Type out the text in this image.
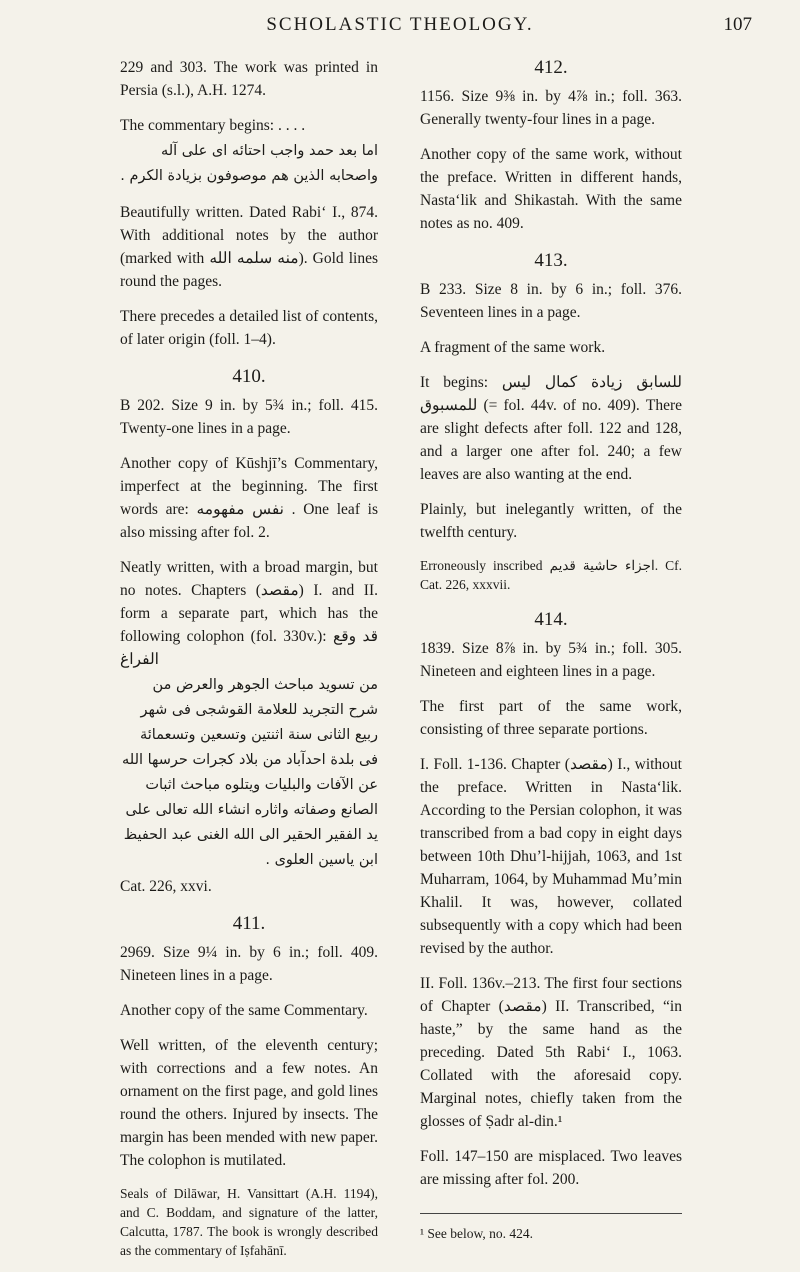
SCHOLASTIC THEOLOGY.	107

229 and 303. The work was printed in Persia (s.l.), A.H. 1274.

The commentary begins: . . . .

اما بعد حمد واجب احتائه اى على آله واصحابه الذين هم موصوفون بزيادة الكرم .

Beautifully written. Dated Rabi‘ I., 874. With additional notes by the author (marked with منه سلمه الله). Gold lines round the pages.

There precedes a detailed list of contents, of later origin (foll. 1–4).

410.

B 202. Size 9 in. by 5¾ in.; foll. 415. Twenty-one lines in a page.

Another copy of Kūshjī’s Commentary, imperfect at the beginning. The first words are: نفس مفهومه . One leaf is also missing after fol. 2.

Neatly written, with a broad margin, but no notes. Chapters (مقصد) I. and II. form a separate part, which has the following colophon (fol. 330v.): قد وقع الفراغ

من تسويد مباحث الجوهر والعرض من شرح التجريد للعلامة القوشجى فى شهر ربيع الثانى سنة اثنتين وتسعين وتسعمائة فى بلدة احدآباد من بلاد كجرات حرسها الله عن الآفات والبليات ويتلوه مباحث اثبات الصانع وصفاته واثاره انشاء الله تعالى على يد الفقير الحقير الى الله الغنى عبد الحفيظ ابن ياسين العلوى .

Cat. 226, xxvi.

411.

2969. Size 9¼ in. by 6 in.; foll. 409. Nineteen lines in a page.

Another copy of the same Commentary.

Well written, of the eleventh century; with corrections and a few notes. An ornament on the first page, and gold lines round the others. Injured by insects. The margin has been mended with new paper. The colophon is mutilated.

Seals of Dilāwar, H. Vansittart (A.H. 1194), and C. Boddam, and signature of the latter, Calcutta, 1787. The book is wrongly described as the commentary of Iṣfahānī.

412.

1156. Size 9⅜ in. by 4⅞ in.; foll. 363. Generally twenty-four lines in a page.

Another copy of the same work, without the preface. Written in different hands, Nasta‘lik and Shikastah. With the same notes as no. 409.

413.

B 233. Size 8 in. by 6 in.; foll. 376. Seventeen lines in a page.

A fragment of the same work.

It begins: للسابق زيادة كمال ليس للمسبوق (= fol. 44v. of no. 409). There are slight defects after foll. 122 and 128, and a larger one after fol. 240; a few leaves are also wanting at the end.

Plainly, but inelegantly written, of the twelfth century.

Erroneously inscribed اجزاء حاشية قديم. Cf. Cat. 226, xxxvii.

414.

1839. Size 8⅞ in. by 5¾ in.; foll. 305. Nineteen and eighteen lines in a page.

The first part of the same work, consisting of three separate portions.

I. Foll. 1-136. Chapter (مقصد) I., without the preface. Written in Nasta‘lik. According to the Persian colophon, it was transcribed from a bad copy in eight days between 10th Dhu’l-hijjah, 1063, and 1st Muharram, 1064, by Muhammad Mu’min Khalil. It was, however, collated subsequently with a copy which had been revised by the author.

II. Foll. 136v.–213. The first four sections of Chapter (مقصد) II. Transcribed, “in haste,” by the same hand as the preceding. Dated 5th Rabi‘ I., 1063. Collated with the aforesaid copy. Marginal notes, chiefly taken from the glosses of Ṣadr al-din.¹

Foll. 147–150 are misplaced. Two leaves are missing after fol. 200.

¹ See below, no. 424.
